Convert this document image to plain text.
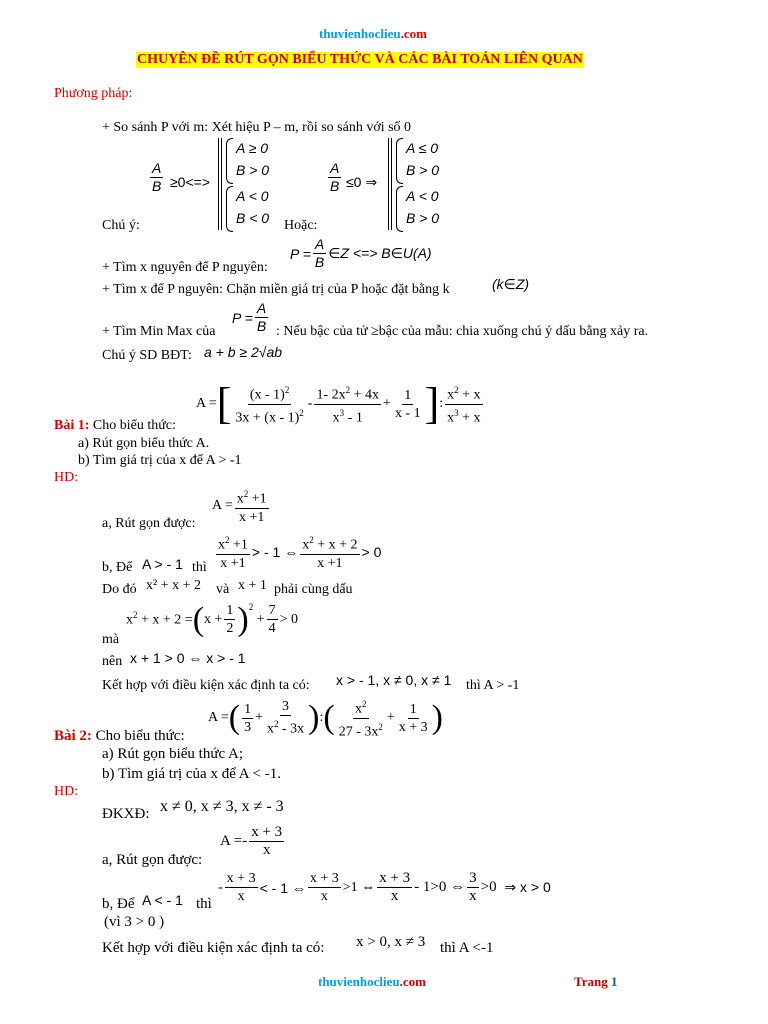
thuvienhoclieu.com
CHUYÊN ĐỀ RÚT GỌN BIỂU THỨC VÀ CÁC BÀI TOÁN LIÊN QUAN
Phương pháp:
+ So sánh P với m: Xét hiệu P – m, rồi so sánh với số 0
$\frac{A}{B} \ge 0<=>$
A ≥ 0
B > 0
A < 0
B < 0
$\frac{A}{B} \le 0$ ⇒
A ≤ 0
B > 0
A < 0
B > 0
Chú ý:	Hoặc:
$P = \frac{A}{B}$ ∈Z <=> B∈U(A)
+ Tìm x nguyên để P nguyên:
+ Tìm x để P nguyên: Chặn miền giá trị của P hoặc đặt bằng k	(k∈Z)
+ Tìm Min Max của
$P = \frac{A}{B}$ : Nếu bậc của tử ≥bậc của mẫu: chia xuống chú ý dấu bằng xảy ra.
Chú ý SD BĐT: a + b ≥ 2√ab
A = [ $\frac{(x - 1)^2}{3x + (x - 1)^2} - \frac{1- 2x^2 + 4x}{x^3 - 1} + \frac{1}{x - 1}$ ] : $\frac{x^2 + x}{x^3 + x}$
Bài 1: Cho biểu thức:
a) Rút gọn biểu thức A.
b) Tìm giá trị của x để A > -1
HD:
$A = \frac{x^2 +1}{x +1}$
a, Rút gọn được:
b, Để A > - 1 thì $\frac{x^2 +1}{x +1}$ > - 1 ⇔ $\frac{x^2 + x + 2}{x +1} > 0$
Do đó x² + x + 2 và x + 1 phải cùng dấu
$x^2 + x + 2$ = ( $x + \frac{1}{2} )^2$
+ $\frac{7}{4} > 0$
mà
nên x + 1 > 0 ⇔ x > - 1
Kết hợp với điều kiện xác định ta có: x > - 1, x ≠ 0, x ≠ 1 thì A > -1
A = ( $\frac{1}{3} + \frac{3}{x^2 - 3x}$ ) : ( $\frac{x^2}{27 - 3x^2} + \frac{1}{x + 3}$ )
Bài 2: Cho biểu thức:
a) Rút gọn biểu thức A;
b) Tìm giá trị của x để A < -1.
HD:
ĐKXĐ: x ≠ 0, x ≠ 3, x ≠ - 3
$A =- \frac{x + 3}{x}$
a, Rút gọn được:
b, Để A < - 1 thì
- $\frac{x + 3}{x}$ < - 1 ⇔ $\frac{x + 3}{x} >1$ ⇔ $\frac{x + 3}{x} - 1>0$ ⇔ $\frac{3}{x} >0$ ⇒ x > 0
(vì 3 > 0 )
Kết hợp với điều kiện xác định ta có: x > 0, x ≠ 3 thì A <-1
thuvienhoclieu.com	Trang 1
